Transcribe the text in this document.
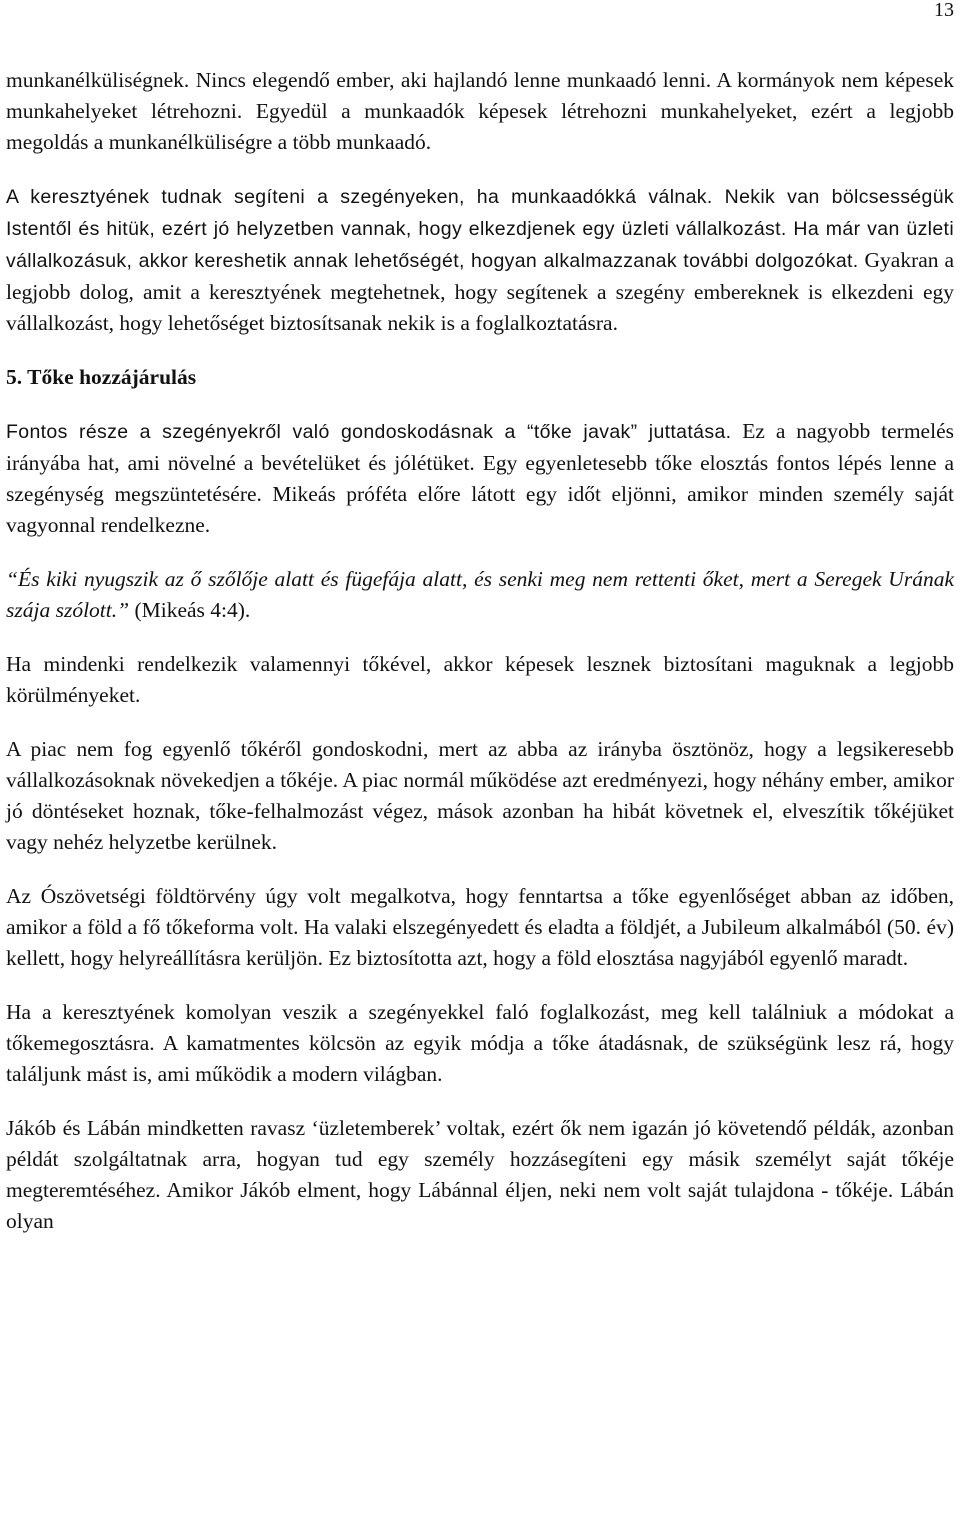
13

munkanélküliségnek. Nincs elegendő ember, aki hajlandó lenne munkaadó lenni. A kormányok nem képesek munkahelyeket létrehozni. Egyedül a munkaadók képesek létrehozni munkahelyeket, ezért a legjobb megoldás a munkanélküliségre a több munkaadó.

A keresztyének tudnak segíteni a szegényeken, ha munkaadókká válnak. Nekik van bölcsességük Istentől és hitük, ezért jó helyzetben vannak, hogy elkezdjenek egy üzleti vállalkozást. Ha már van üzleti vállalkozásuk, akkor kereshetik annak lehetőségét, hogyan alkalmazzanak további dolgozókat. Gyakran a legjobb dolog, amit a keresztyének megtehetnek, hogy segítenek a szegény embereknek is elkezdeni egy vállalkozást, hogy lehetőséget biztosítsanak nekik is a foglalkoztatásra.

5. Tőke hozzájárulás

Fontos része a szegényekről való gondoskodásnak a “tőke javak” juttatása. Ez a nagyobb termelés irányába hat, ami növelné a bevételüket és jólétüket. Egy egyenletesebb tőke elosztás fontos lépés lenne a szegénység megszüntetésére. Mikeás próféta előre látott egy időt eljönni, amikor minden személy saját vagyonnal rendelkezne.

“És kiki nyugszik az ő szőlője alatt és fügefája alatt, és senki meg nem rettenti őket, mert a Seregek Urának szája szólott.” (Mikeás 4:4).

Ha mindenki rendelkezik valamennyi tőkével, akkor képesek lesznek biztosítani maguknak a legjobb körülményeket.

A piac nem fog egyenlő tőkéről gondoskodni, mert az abba az irányba ösztönöz, hogy a legsikeresebb vállalkozásoknak növekedjen a tőkéje. A piac normál működése azt eredményezi, hogy néhány ember, amikor jó döntéseket hoznak, tőke-felhalmozást végez, mások azonban ha hibát követnek el, elveszítik tőkéjüket vagy nehéz helyzetbe kerülnek.

Az Ószövetségi földtörvény úgy volt megalkotva, hogy fenntartsa a tőke egyenlőséget abban az időben, amikor a föld a fő tőkeforma volt. Ha valaki elszegényedett és eladta a földjét, a Jubileum alkalmából (50. év) kellett, hogy helyreállításra kerüljön. Ez biztosította azt, hogy a föld elosztása nagyjából egyenlő maradt.

Ha a keresztyének komolyan veszik a szegényekkel faló foglalkozást, meg kell találniuk a módokat a tőkemegosztásra. A kamatmentes kölcsön az egyik módja a tőke átadásnak, de szükségünk lesz rá, hogy találjunk mást is, ami működik a modern világban.

Jákób és Lábán mindketten ravasz ‘üzletemberek’ voltak, ezért ők nem igazán jó követendő példák, azonban példát szolgáltatnak arra, hogyan tud egy személy hozzásegíteni egy másik személyt saját tőkéje megteremtéséhez. Amikor Jákób elment, hogy Lábánnal éljen, neki nem volt saját tulajdona - tőkéje. Lábán olyan
